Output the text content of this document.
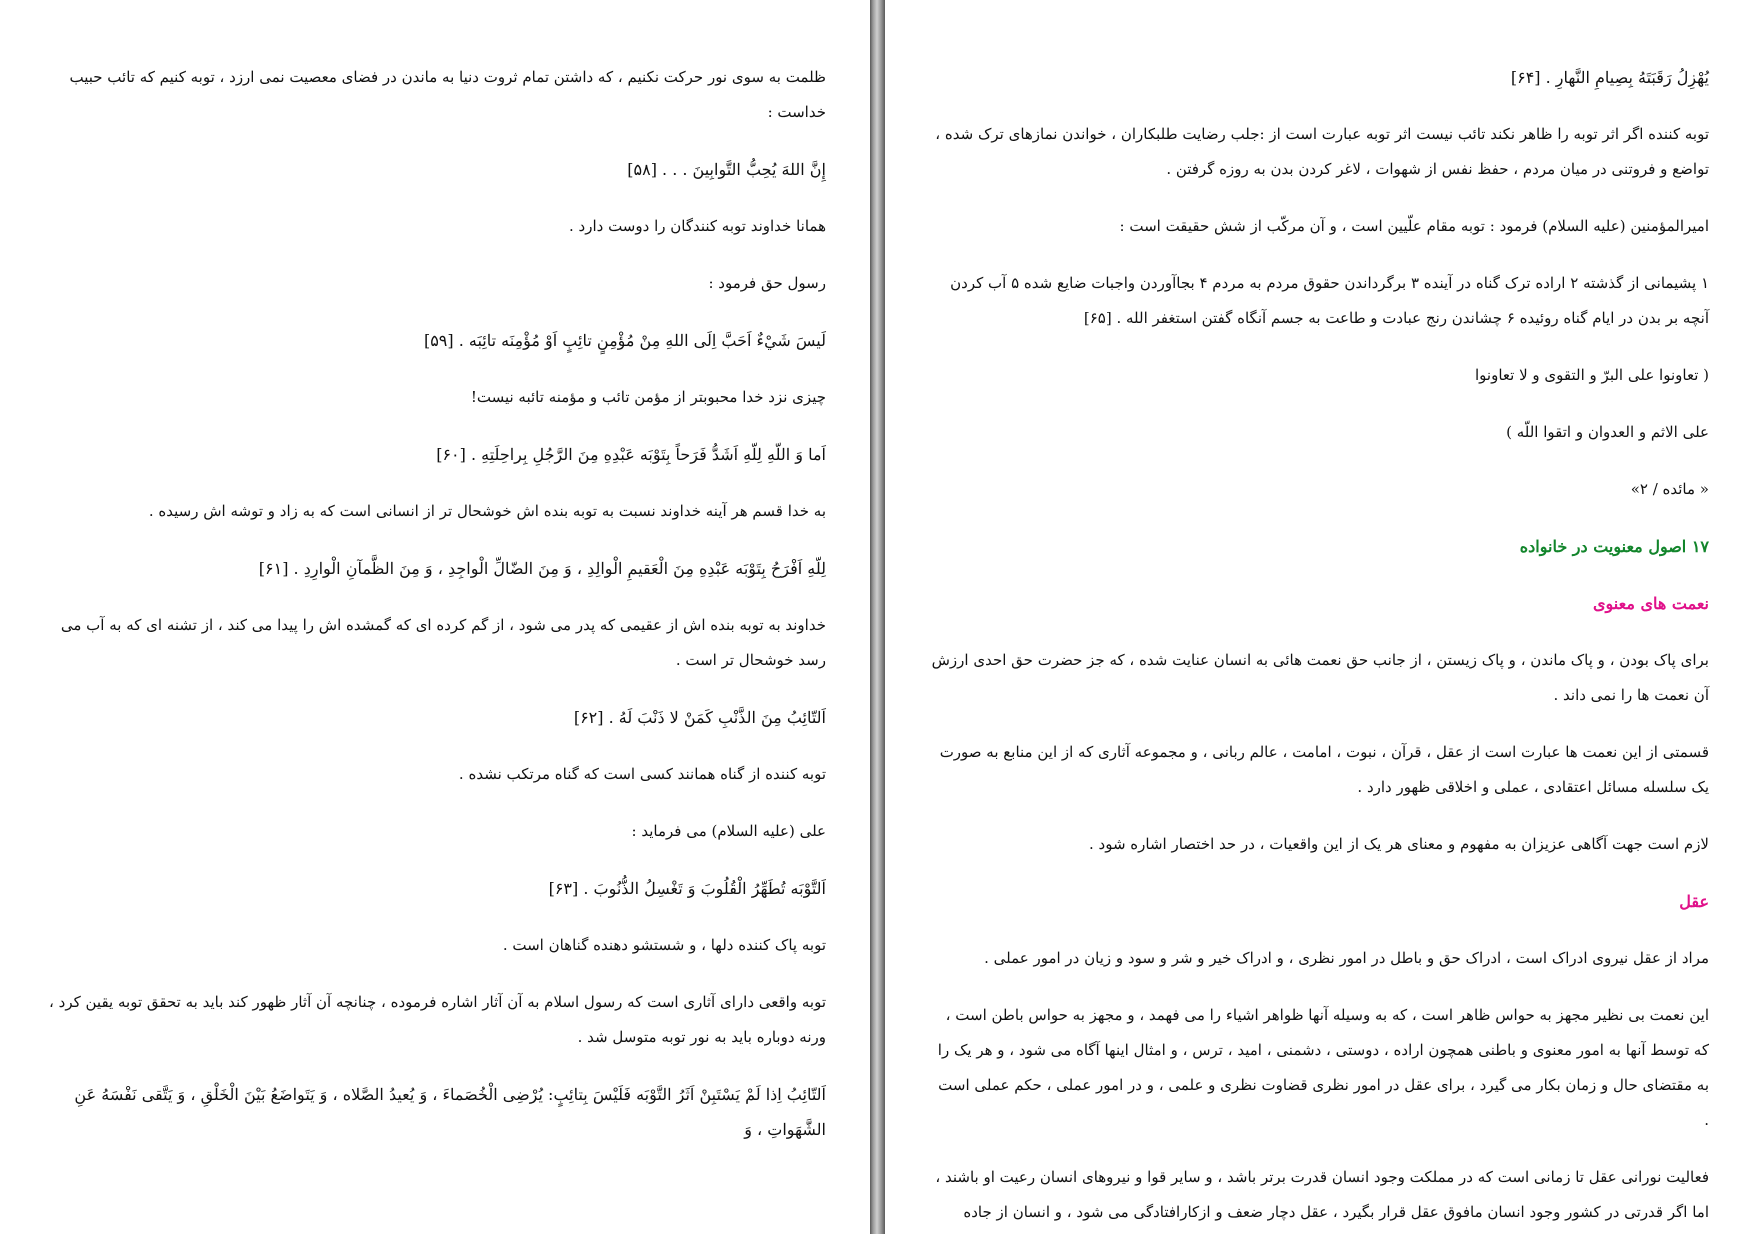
ظلمت به سوی نور حرکت نکنیم ، که داشتن تمام ثروت دنیا به ماندن در فضای معصیت نمی ارزد ، توبه کنیم که تائب حبیب خداست :

إِنَّ اللهَ يُحِبُّ التَّوابِينَ . . . [۵۸]

همانا خداوند توبه کنندگان را دوست دارد .

رسول حق فرمود :

لَيسَ شَيْءٌ اَحَبَّ اِلَى اللهِ مِنْ مُؤْمِنٍ تائِبٍ اَوْ مُؤْمِنَه تائِبَه . [۵۹]

چیزی نزد خدا محبوبتر از مؤمن تائب و مؤمنه تائبه نیست!

اَما وَ اللّهِ لِلّهِ اَشَدُّ فَرَحاً بِتَوْبَه عَبْدِهِ مِنَ الرَّجُلِ بِراحِلَتِهِ . [۶۰]

به خدا قسم هر آینه خداوند نسبت به توبه بنده اش خوشحال تر از انسانی است که به زاد و توشه اش رسیده .

لِلّهِ اَفْرَحُ بِتَوْبَه عَبْدِهِ مِنَ الْعَقيمِ الْوالِدِ ، وَ مِنَ الضّالِّ الْواجِدِ ، وَ مِنَ الظَّمآنِ الْوارِدِ . [۶۱]

خداوند به توبه بنده اش از عقیمی که پدر می شود ، از گم کرده ای که گمشده اش را پیدا می کند ، از تشنه ای که به آب می رسد خوشحال تر است .

اَلتّائِبُ مِنَ الذَّنْبِ كَمَنْ لا ذَنْبَ لَهُ . [۶۲]

توبه کننده از گناه همانند کسی است که گناه مرتکب نشده .

علی (علیه السلام) می فرماید :

اَلتَّوْبَه تُطَهِّرُ الْقُلُوبَ وَ تَغْسِلُ الذُّنُوبَ . [۶۳]

توبه پاک کننده دلها ، و شستشو دهنده گناهان است .

توبه واقعی دارای آثاری است که رسول اسلام به آن آثار اشاره فرموده ، چنانچه آن آثار ظهور کند باید به تحقق توبه یقین کرد ، ورنه دوباره باید به نور توبه متوسل شد .

اَلتّائِبُ اِذا لَمْ يَسْتَبِنْ اَثَرُ التَّوْبَه فَلَيْسَ بِتائِبٍ: يُرْضِى الْخُصَماءَ ، وَ يُعيدُ الصَّلاه ، وَ يَتَواضَعُ بَيْنَ الْخَلْقِ ، وَ يَتَّقى نَفْسَهُ عَنِ الشَّهَواتِ ، وَ

يُهْزِلُ رَقَبَتَهُ بِصِيامِ النَّهارِ . [۶۴]

توبه کننده اگر اثر توبه را ظاهر نکند تائب نیست اثر توبه عبارت است از :جلب رضایت طلبکاران ، خواندن نمازهای ترک شده ، تواضع و فروتنی در میان مردم ، حفظ نفس از شهوات ، لاغر کردن بدن به روزه گرفتن .

امیرالمؤمنین (علیه السلام) فرمود : توبه مقام علّیین است ، و آن مرکّب از شش حقیقت است :

۱ پشیمانی از گذشته ۲ اراده ترک گناه در آینده ۳ برگرداندن حقوق مردم به مردم ۴ بجاآوردن واجبات ضایع شده ۵ آب کردن آنچه بر بدن در ایام گناه روئیده ۶ چشاندن رنج عبادت و طاعت به جسم آنگاه گفتن استغفر الله . [۶۵]

( تعاونوا على البرّ و التقوى و لا تعاونوا

على الاثم و العدوان و اتقوا اللّه )

« مائده / ۲»

۱۷ اصول معنویت در خانواده

نعمت های معنوی

برای پاک بودن ، و پاک ماندن ، و پاک زیستن ، از جانب حق نعمت هائی به انسان عنایت شده ، که جز حضرت حق احدی ارزش آن نعمت ها را نمی داند .

قسمتی از این نعمت ها عبارت است از عقل ، قرآن ، نبوت ، امامت ، عالم ربانی ، و مجموعه آثاری که از این منابع به صورت یک سلسله مسائل اعتقادی ، عملی و اخلاقی ظهور دارد .

لازم است جهت آگاهی عزیزان به مفهوم و معنای هر یک از این واقعیات ، در حد اختصار اشاره شود .

عقل

مراد از عقل نیروی ادراک است ، ادراک حق و باطل در امور نظری ، و ادراک خیر و شر و سود و زیان در امور عملی .

این نعمت بی نظیر مجهز به حواس ظاهر است ، که به وسیله آنها ظواهر اشیاء را می فهمد ، و مجهز به حواس باطن است ، که توسط آنها به امور معنوی و باطنی همچون اراده ، دوستی ، دشمنی ، امید ، ترس ، و امثال اینها آگاه می شود ، و هر یک را به مقتضای حال و زمان بکار می گیرد ، برای عقل در امور نظری قضاوت نظری و علمی ، و در امور عملی ، حکم عملی است .

فعالیت نورانی عقل تا زمانی است که در مملکت وجود انسان قدرت برتر باشد ، و سایر قوا و نیروهای انسان رعیت او باشند ، اما اگر قدرتی در کشور وجود انسان مافوق عقل قرار بگیرد ، عقل دچار ضعف و ازکارافتادگی می شود ، و انسان از جاده
